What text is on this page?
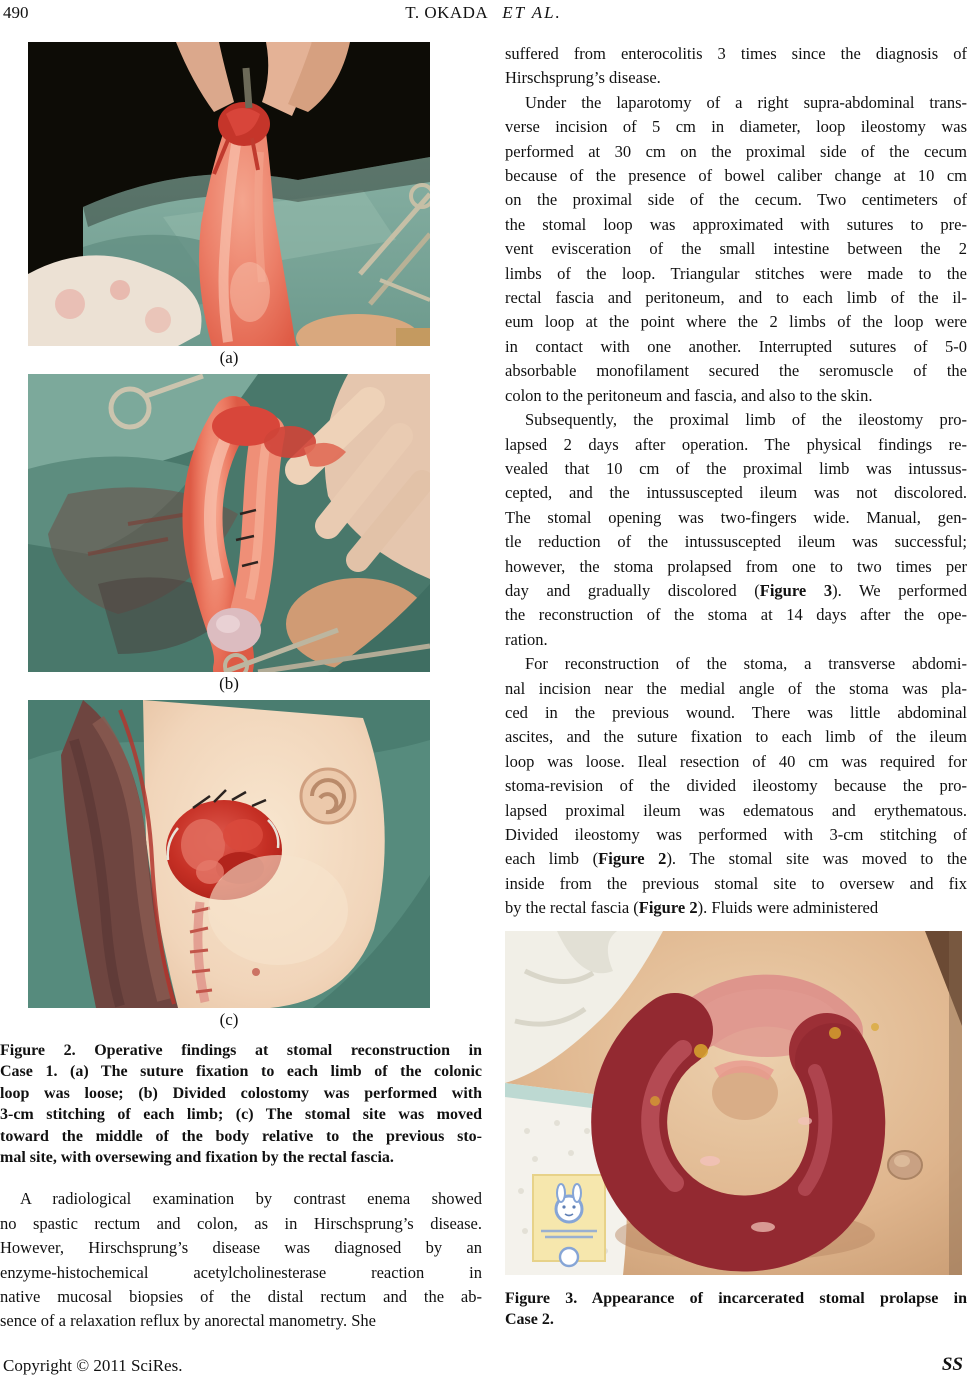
490	T. OKADA ET AL.
(a)
(b)
(c)
Figure 2. Operative findings at stomal reconstruction in
Case 1. (a) The suture fixation to each limb of the colonic
loop was loose; (b) Divided colostomy was performed with
3-cm stitching of each limb; (c) The stomal site was moved
toward the middle of the body relative to the previous sto-
mal site, with oversewing and fixation by the rectal fascia.
A radiological examination by contrast enema showed
no spastic rectum and colon, as in Hirschsprung’s disease.
However, Hirschsprung’s disease was diagnosed by an
enzyme-histochemical acetylcholinesterase reaction in
native mucosal biopsies of the distal rectum and the ab-
sence of a relaxation reflux by anorectal manometry. She
suffered from enterocolitis 3 times since the diagnosis of
Hirschsprung’s disease.
Under the laparotomy of a right supra-abdominal trans-
verse incision of 5 cm in diameter, loop ileostomy was
performed at 30 cm on the proximal side of the cecum
because of the presence of bowel caliber change at 10 cm
on the proximal side of the cecum. Two centimeters of
the stomal loop was approximated with sutures to pre-
vent evisceration of the small intestine between the 2
limbs of the loop. Triangular stitches were made to the
rectal fascia and peritoneum, and to each limb of the il-
eum loop at the point where the 2 limbs of the loop were
in contact with one another. Interrupted sutures of 5-0
absorbable monofilament secured the seromuscle of the
colon to the peritoneum and fascia, and also to the skin.
Subsequently, the proximal limb of the ileostomy pro-
lapsed 2 days after operation. The physical findings re-
vealed that 10 cm of the proximal limb was intussus-
cepted, and the intussuscepted ileum was not discolored.
The stomal opening was two-fingers wide. Manual, gen-
tle reduction of the intussuscepted ileum was successful;
however, the stoma prolapsed from one to two times per
day and gradually discolored (Figure 3). We performed
the reconstruction of the stoma at 14 days after the ope-
ration.
For reconstruction of the stoma, a transverse abdomi-
nal incision near the medial angle of the stoma was pla-
ced in the previous wound. There was little abdominal
ascites, and the suture fixation to each limb of the ileum
loop was loose. Ileal resection of 40 cm was required for
stoma-revision of the divided ileostomy because the pro-
lapsed proximal ileum was edematous and erythematous.
Divided ileostomy was performed with 3-cm stitching of
each limb (Figure 2). The stomal site was moved to the
inside from the previous stomal site to oversew and fix
by the rectal fascia (Figure 2). Fluids were administered
Figure 3. Appearance of incarcerated stomal prolapse in
Case 2.
Copyright © 2011 SciRes.	SS
